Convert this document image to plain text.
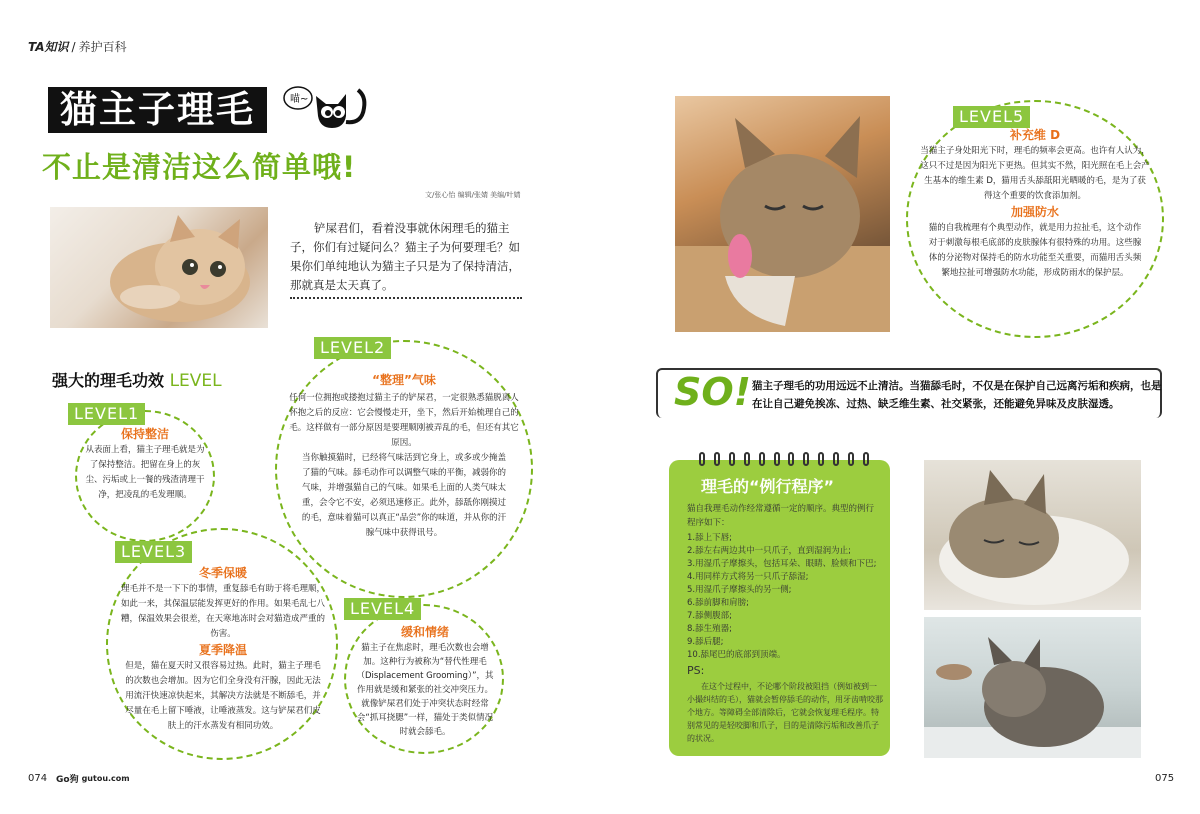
TA知识 / 养护百科
猫主子理毛	喵~
不止是清洁这么简单哦!
文/张心怡 编辑/张婧 美编/叶婧
铲屎君们，看着没事就休闲理毛的猫主子，你们有过疑问么？猫主子为何要理毛？如果你们单纯地认为猫主子只是为了保持清洁，那就真是太天真了。
强大的理毛功效 LEVEL
LEVEL2
“整理”气味
任何一位拥抱或搂抱过猫主子的铲屎君，一定很熟悉猫脱离人怀抱之后的反应：它会慢慢走开，坐下，然后开始梳理自己的毛。这样做有一部分原因是要理顺刚被弄乱的毛，但还有其它原因。
当你触摸猫时，已经将气味活到它身上，或多或少掩盖了猫的气味。舔毛动作可以调整气味的平衡，减弱你的气味，并增强猫自己的气味。如果毛上面的人类气味太重，会令它不安，必须迅速修正。此外，舔舐你刚摸过的毛，意味着猫可以真正“品尝”你的味道，并从你的汗腺气味中获得讯号。
LEVEL1
保持整洁
从表面上看，猫主子理毛就是为了保持整洁。把留在身上的灰尘、污垢或上一餐的残渣清理干净，把凌乱的毛发理顺。
LEVEL3
冬季保暖
理毛并不是一下下的事情，重复舔毛有助于将毛理顺，如此一来，其保温层能发挥更好的作用。如果毛乱七八糟，保温效果会很差，在天寒地冻时会对猫造成严重的伤害。
夏季降温
但是，猫在夏天时又很容易过热。此时，猫主子理毛的次数也会增加。因为它们全身没有汗腺，因此无法用流汗快速凉快起来，其解决方法就是不断舔毛，并尽量在毛上留下唾液，让唾液蒸发。这与铲屎君们皮肤上的汗水蒸发有相同功效。
LEVEL4
缓和情绪
猫主子在焦虑时，理毛次数也会增加。这种行为被称为“替代性理毛（Displacement Grooming）”，其作用就是缓和紧张的社交冲突压力。就像铲屎君们处于冲突状态时经常会“抓耳挠腮”一样，猫处于类似情况时就会舔毛。
074 Go狗 gutou.com
LEVEL5
补充维 D
当猫主子身处阳光下时，理毛的频率会更高。也许有人认为，这只不过是因为阳光下更热。但其实不然，阳光照在毛上会产生基本的维生素 D，猫用舌头舔舐阳光晒暖的毛，是为了获得这个重要的饮食添加剂。
加强防水
猫的自我梳理有个典型动作，就是用力拉扯毛，这个动作对于刺激每根毛底部的皮肤腺体有很特殊的功用。这些腺体的分泌物对保持毛的防水功能至关重要，而猫用舌头频繁地拉扯可增强防水功能，形成防雨水的保护层。
SO! 猫主子理毛的功用远远不止清洁。当猫舔毛时，不仅是在保护自己远离污垢和疾病，也是在让自己避免挨冻、过热、缺乏维生素、社交紧张，还能避免异味及皮肤湿透。
理毛的“例行程序”
猫自我理毛动作经常遵循一定的顺序。典型的例行程序如下：
1.舔上下唇;
2.舔左右两边其中一只爪子，直到湿润为止;
3.用湿爪子摩擦头，包括耳朵、眼睛、脸颊和下巴;
4.用同样方式将另一只爪子舔湿;
5.用湿爪子摩擦头的另一侧;
6.舔前脚和肩膀;
7.舔侧腹部;
8.舔生殖器;
9.舔后腿;
10.舔尾巴的底部到顶端。
PS:
在这个过程中，不论哪个阶段被阻挡（例如被到一小撮纠结的毛），猫就会暂停舔毛的动作，用牙齿啃咬那个地方。等障碍全部清除后，它就会恢复理毛程序。特别常见的是轻咬脚和爪子，目的是清除污垢和改善爪子的状况。
075
